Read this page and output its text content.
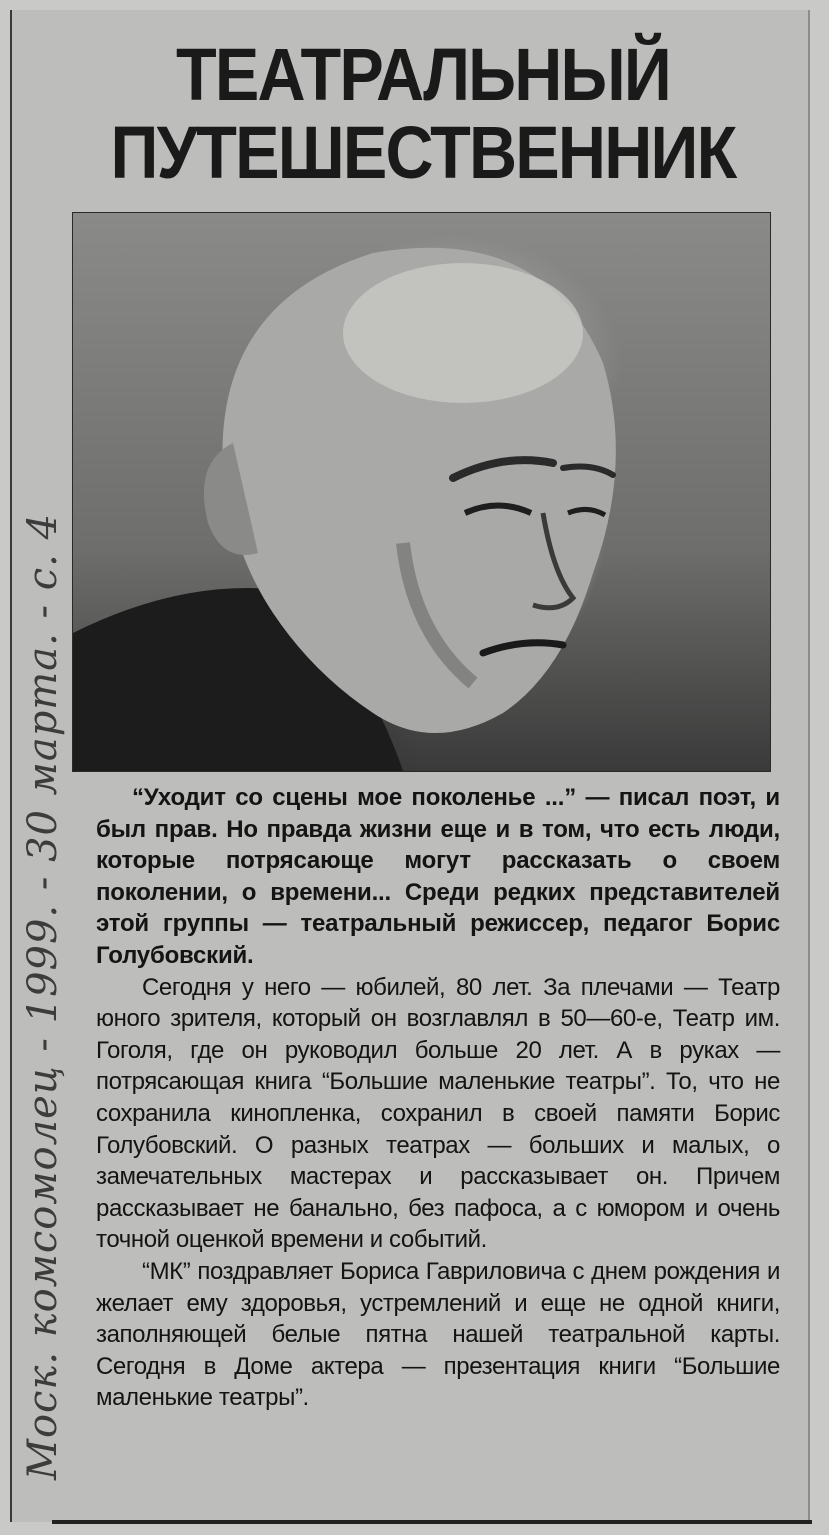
ТЕАТРАЛЬНЫЙ
ПУТЕШЕСТВЕННИК
Моск. комсомолец - 1999. - 30 марта. - с. 4	“Уходит со сцены мое поколенье ...” — писал поэт, и был прав. Но правда жизни еще и в том, что есть люди, которые потрясающе могут рассказать о своем поколении, о времени... Среди редких представителей этой группы — театральный режиссер, педагог Борис Голубовский.

Сегодня у него — юбилей, 80 лет. За плечами — Театр юного зрителя, который он возглавлял в 50—60-е, Театр им. Гоголя, где он руководил больше 20 лет. А в руках — потрясающая книга “Большие маленькие театры”. То, что не сохранила кинопленка, сохранил в своей памяти Борис Голубовский. О разных театрах — больших и малых, о замечательных мастерах и рассказывает он. Причем рассказывает не банально, без пафоса, а с юмором и очень точной оценкой времени и событий.

“МК” поздравляет Бориса Гавриловича с днем рождения и желает ему здоровья, устремлений и еще не одной книги, заполняющей белые пятна нашей театральной карты. Сегодня в Доме актера — презентация книги “Большие маленькие театры”.
